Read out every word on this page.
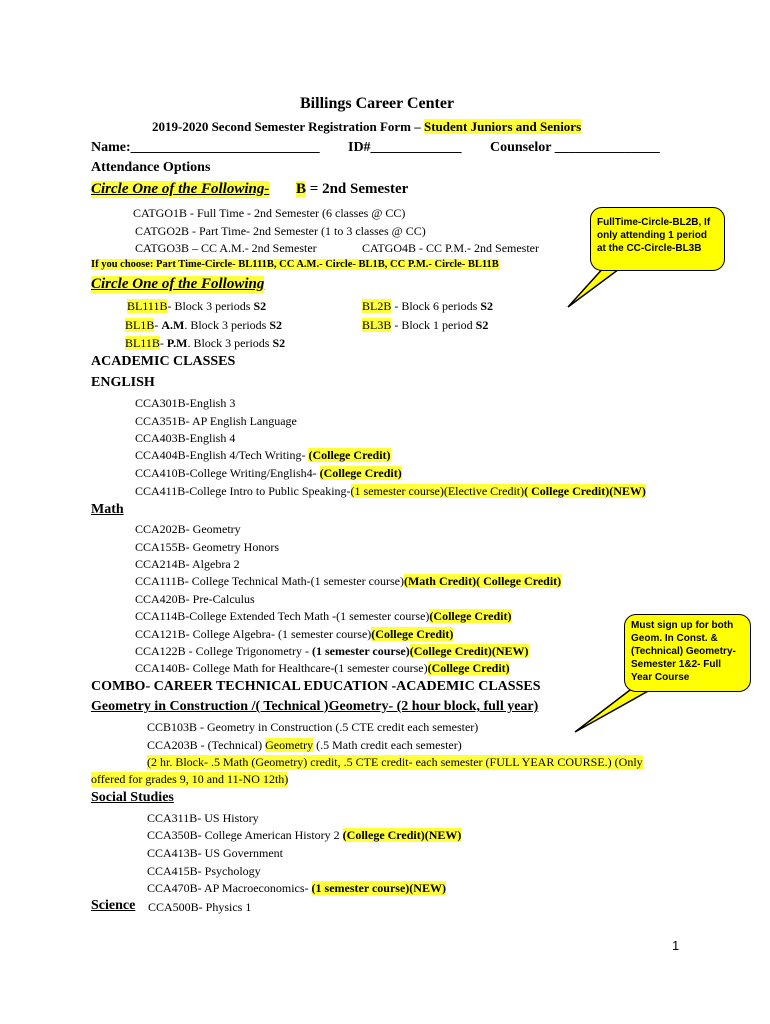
Billings Career Center
2019-2020 Second Semester Registration Form – Student Juniors and Seniors
Name:___________________________ ID#_____________ Counselor _______________
Attendance Options
Circle One of the Following- B = 2nd Semester
CATGO1B - Full Time - 2nd Semester (6 classes @ CC)
CATGO2B - Part Time- 2nd Semester (1 to 3 classes @ CC)
CATGO3B – CC A.M.- 2nd Semester	CATGO4B - CC P.M.- 2nd Semester
If you choose: Part Time-Circle- BL111B, CC A.M.- Circle- BL1B, CC P.M.- Circle- BL11B
FullTime-Circle-BL2B, If only attending 1 period at the CC-Circle-BL3B
Circle One of the Following
BL111B- Block 3 periods S2
BL1B- A.M. Block 3 periods S2
BL11B- P.M. Block 3 periods S2
BL2B - Block 6 periods S2
BL3B - Block 1 period S2
ACADEMIC CLASSES
ENGLISH
CCA301B-English 3
CCA351B- AP English Language
CCA403B-English 4
CCA404B-English 4/Tech Writing- (College Credit)
CCA410B-College Writing/English4- (College Credit)
CCA411B-College Intro to Public Speaking-(1 semester course)(Elective Credit)( College Credit)(NEW)
Math
CCA202B- Geometry
CCA155B- Geometry Honors
CCA214B- Algebra 2
CCA111B- College Technical Math-(1 semester course)(Math Credit)( College Credit)
CCA420B- Pre-Calculus
CCA114B-College Extended Tech Math -(1 semester course)(College Credit)
CCA121B- College Algebra- (1 semester course)(College Credit)
CCA122B - College Trigonometry - (1 semester course)(College Credit)(NEW)
CCA140B- College Math for Healthcare-(1 semester course)(College Credit)
Must sign up for both Geom. In Const. & (Technical) Geometry- Semester 1&2- Full Year Course
COMBO- CAREER TECHNICAL EDUCATION -ACADEMIC CLASSES
Geometry in Construction /( Technical )Geometry- (2 hour block, full year)
CCB103B - Geometry in Construction (.5 CTE credit each semester)
CCA203B - (Technical) Geometry (.5 Math credit each semester)
(2 hr. Block- .5 Math (Geometry) credit, .5 CTE credit- each semester (FULL YEAR COURSE.) (Only
offered for grades 9, 10 and 11-NO 12th)
Social Studies
CCA311B- US History
CCA350B- College American History 2 (College Credit)(NEW)
CCA413B- US Government
CCA415B- Psychology
CCA470B- AP Macroeconomics- (1 semester course)(NEW)
Science CCA500B- Physics 1
1
